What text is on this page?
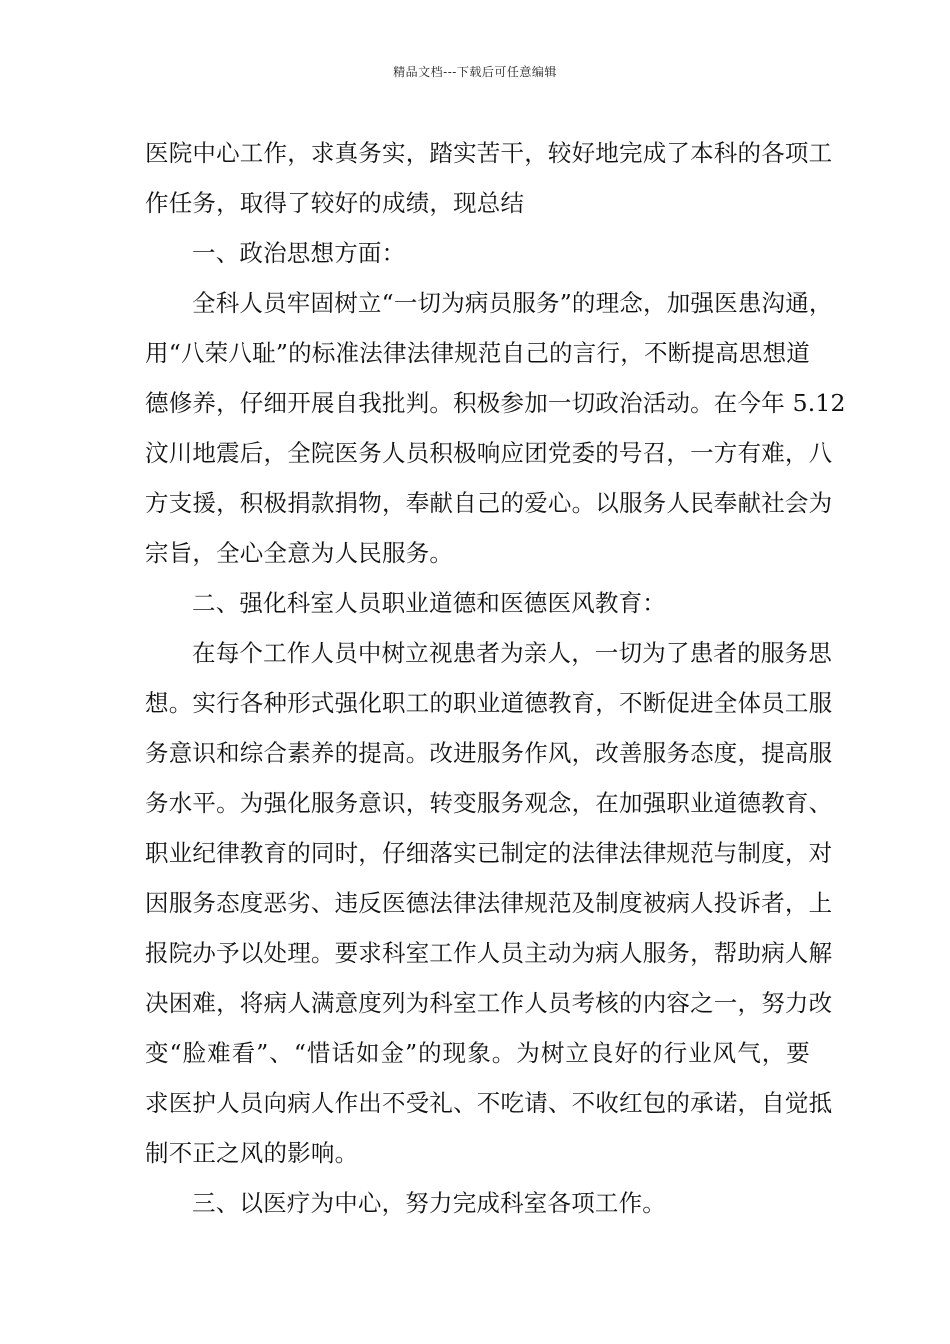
精品文档---下载后可任意编辑
医院中心工作，求真务实，踏实苦干，较好地完成了本科的各项工
作任务，取得了较好的成绩，现总结
一、政治思想方面：
全科人员牢固树立“一切为病员服务”的理念，加强医患沟通，
用“八荣八耻”的标准法律法律规范自己的言行，不断提高思想道
德修养，仔细开展自我批判。积极参加一切政治活动。在今年 5.12
汶川地震后，全院医务人员积极响应团党委的号召，一方有难，八
方支援，积极捐款捐物，奉献自己的爱心。以服务人民奉献社会为
宗旨，全心全意为人民服务。
二、强化科室人员职业道德和医德医风教育：
在每个工作人员中树立视患者为亲人，一切为了患者的服务思
想。实行各种形式强化职工的职业道德教育，不断促进全体员工服
务意识和综合素养的提高。改进服务作风，改善服务态度，提高服
务水平。为强化服务意识，转变服务观念，在加强职业道德教育、
职业纪律教育的同时，仔细落实已制定的法律法律规范与制度，对
因服务态度恶劣、违反医德法律法律规范及制度被病人投诉者，上
报院办予以处理。要求科室工作人员主动为病人服务，帮助病人解
决困难，将病人满意度列为科室工作人员考核的内容之一，努力改
变“脸难看”、“惜话如金”的现象。为树立良好的行业风气，要
求医护人员向病人作出不受礼、不吃请、不收红包的承诺，自觉抵
制不正之风的影响。
三、以医疗为中心，努力完成科室各项工作。
